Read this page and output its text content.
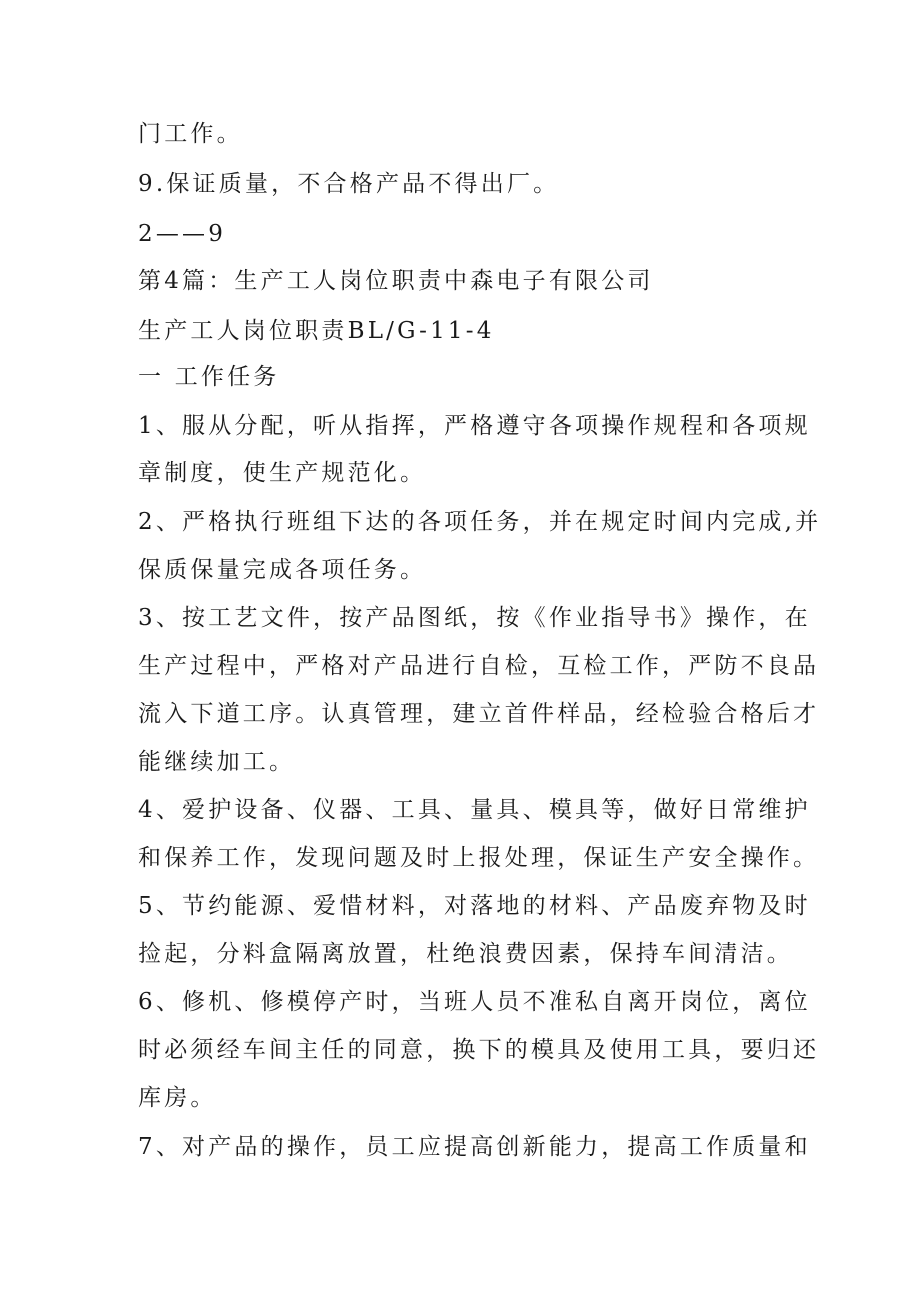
门工作。
9.保证质量，不合格产品不得出厂。
2——9
第4篇：生产工人岗位职责中森电子有限公司
生产工人岗位职责BL/G-11-4
一 工作任务
1、服从分配，听从指挥，严格遵守各项操作规程和各项规
章制度，使生产规范化。
2、严格执行班组下达的各项任务，并在规定时间内完成,并
保质保量完成各项任务。
3、按工艺文件，按产品图纸，按《作业指导书》操作，在
生产过程中，严格对产品进行自检，互检工作，严防不良品
流入下道工序。认真管理，建立首件样品，经检验合格后才
能继续加工。
4、爱护设备、仪器、工具、量具、模具等，做好日常维护
和保养工作，发现问题及时上报处理，保证生产安全操作。
5、节约能源、爱惜材料，对落地的材料、产品废弃物及时
捡起，分料盒隔离放置，杜绝浪费因素，保持车间清洁。
6、修机、修模停产时，当班人员不准私自离开岗位，离位
时必须经车间主任的同意，换下的模具及使用工具，要归还
库房。
7、对产品的操作，员工应提高创新能力，提高工作质量和
